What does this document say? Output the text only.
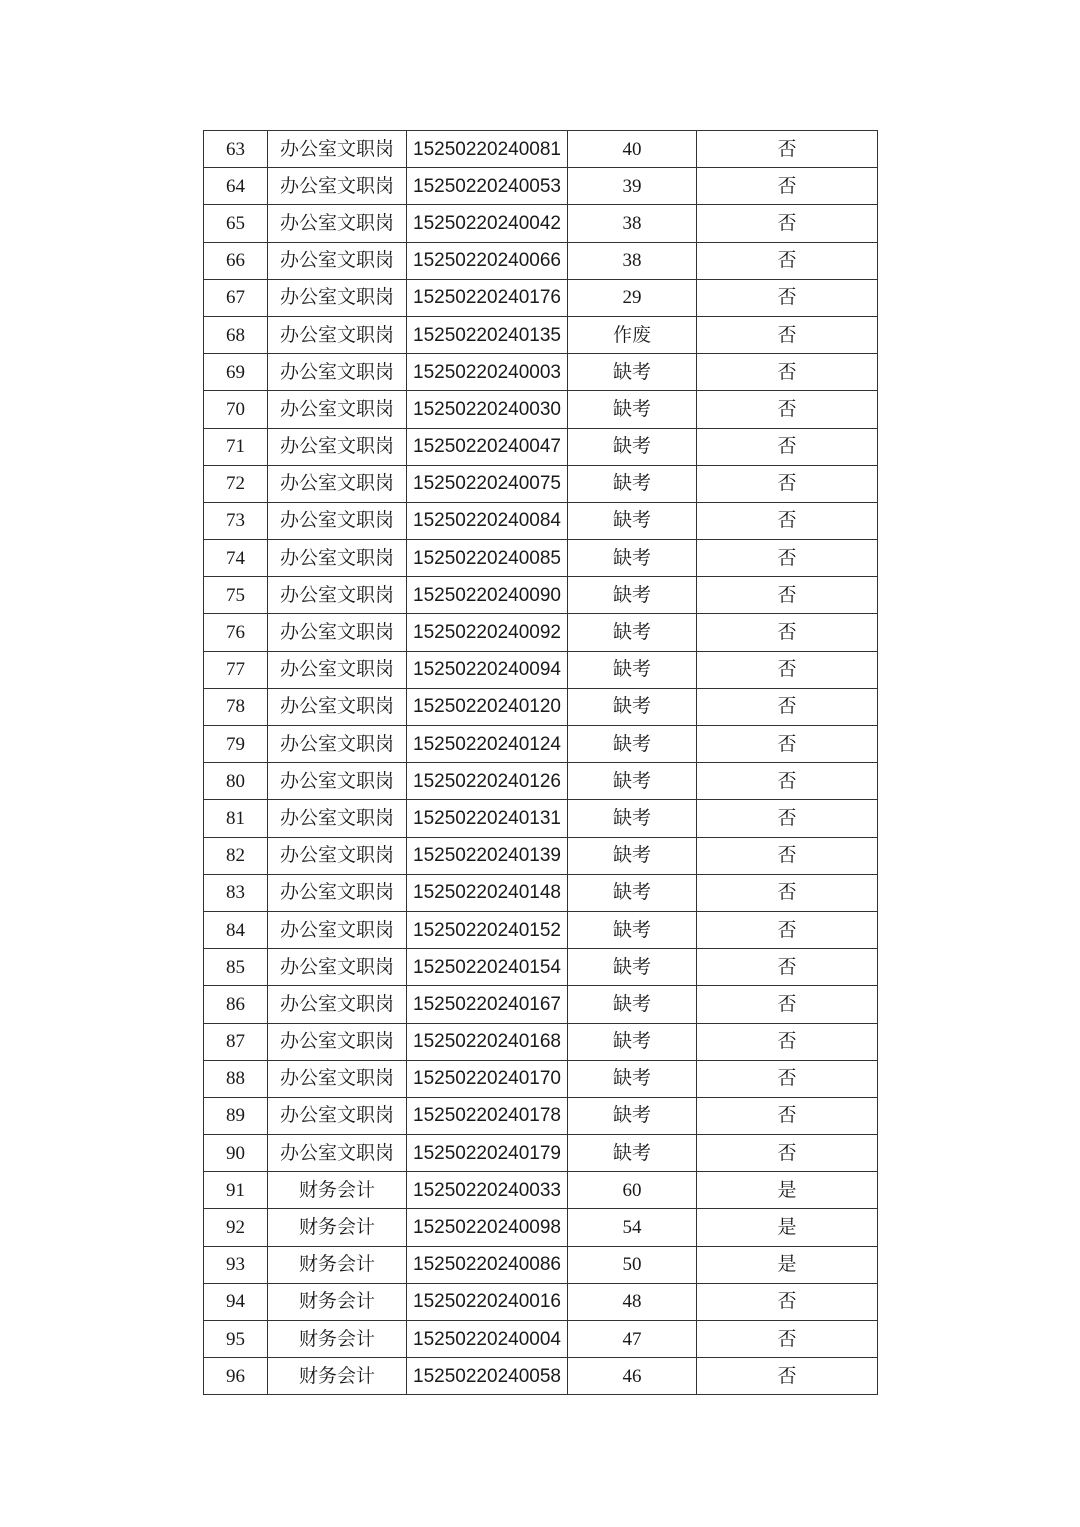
63	办公室文职岗	15250220240081	40	否
64	办公室文职岗	15250220240053	39	否
65	办公室文职岗	15250220240042	38	否
66	办公室文职岗	15250220240066	38	否
67	办公室文职岗	15250220240176	29	否
68	办公室文职岗	15250220240135	作废	否
69	办公室文职岗	15250220240003	缺考	否
70	办公室文职岗	15250220240030	缺考	否
71	办公室文职岗	15250220240047	缺考	否
72	办公室文职岗	15250220240075	缺考	否
73	办公室文职岗	15250220240084	缺考	否
74	办公室文职岗	15250220240085	缺考	否
75	办公室文职岗	15250220240090	缺考	否
76	办公室文职岗	15250220240092	缺考	否
77	办公室文职岗	15250220240094	缺考	否
78	办公室文职岗	15250220240120	缺考	否
79	办公室文职岗	15250220240124	缺考	否
80	办公室文职岗	15250220240126	缺考	否
81	办公室文职岗	15250220240131	缺考	否
82	办公室文职岗	15250220240139	缺考	否
83	办公室文职岗	15250220240148	缺考	否
84	办公室文职岗	15250220240152	缺考	否
85	办公室文职岗	15250220240154	缺考	否
86	办公室文职岗	15250220240167	缺考	否
87	办公室文职岗	15250220240168	缺考	否
88	办公室文职岗	15250220240170	缺考	否
89	办公室文职岗	15250220240178	缺考	否
90	办公室文职岗	15250220240179	缺考	否
91	财务会计	15250220240033	60	是
92	财务会计	15250220240098	54	是
93	财务会计	15250220240086	50	是
94	财务会计	15250220240016	48	否
95	财务会计	15250220240004	47	否
96	财务会计	15250220240058	46	否
